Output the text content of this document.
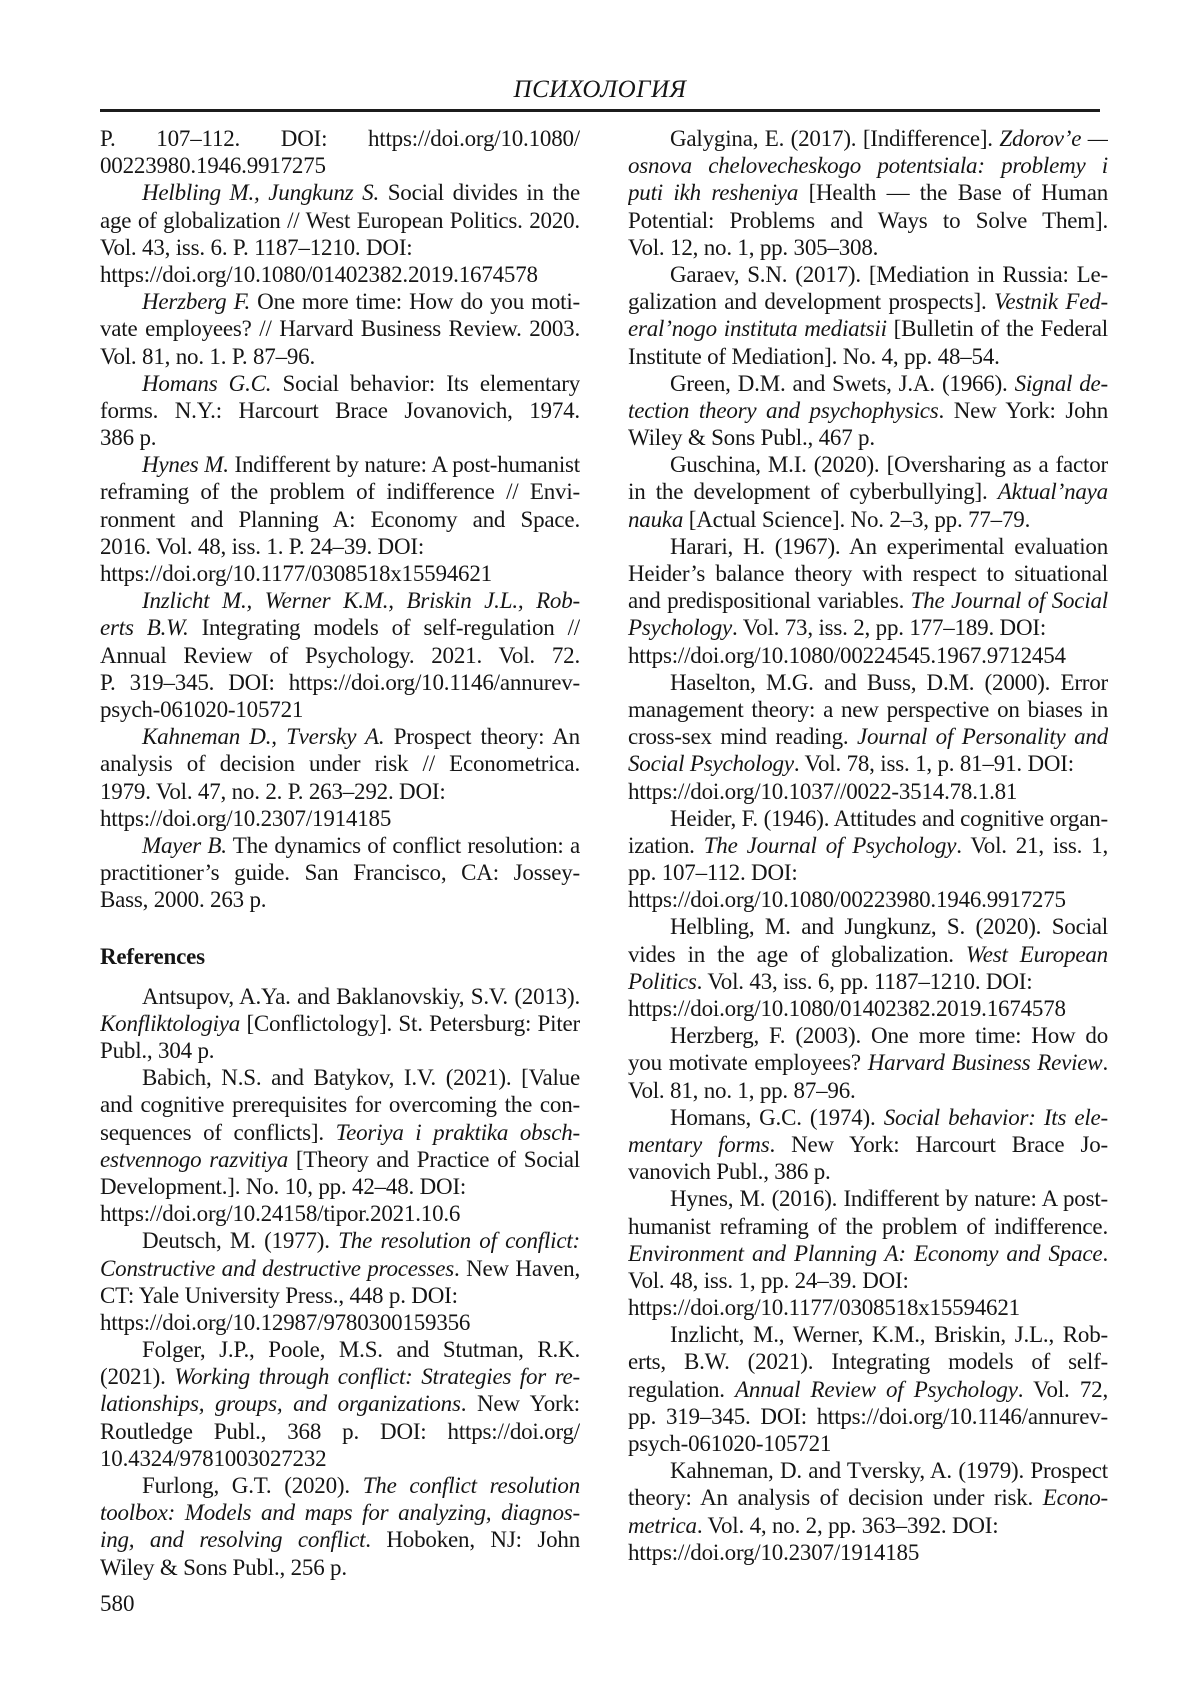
ПСИХОЛОГИЯ
P. 107–112. DOI: https://doi.org/10.1080/
00223980.1946.9917275
Helbling M., Jungkunz S. Social divides in the
age of globalization // West European Politics. 2020.
Vol. 43, iss. 6. P. 1187–1210. DOI:
https://doi.org/10.1080/01402382.2019.1674578
Herzberg F. One more time: How do you moti-
vate employees? // Harvard Business Review. 2003.
Vol. 81, no. 1. P. 87–96.
Homans G.C. Social behavior: Its elementary
forms. N.Y.: Harcourt Brace Jovanovich, 1974.
386 p.
Hynes M. Indifferent by nature: A post-humanist
reframing of the problem of indifference // Envi-
ronment and Planning A: Economy and Space.
2016. Vol. 48, iss. 1. P. 24–39. DOI:
https://doi.org/10.1177/0308518x15594621
Inzlicht M., Werner K.M., Briskin J.L., Rob-
erts B.W. Integrating models of self-regulation //
Annual Review of Psychology. 2021. Vol. 72.
P. 319–345. DOI: https://doi.org/10.1146/annurev-
psych-061020-105721
Kahneman D., Tversky A. Prospect theory: An
analysis of decision under risk // Econometrica.
1979. Vol. 47, no. 2. P. 263–292. DOI:
https://doi.org/10.2307/1914185
Mayer B. The dynamics of conflict resolution: a
practitioner’s guide. San Francisco, CA: Jossey-
Bass, 2000. 263 p.
References
Antsupov, A.Ya. and Baklanovskiy, S.V. (2013).
Konfliktologiya [Conflictology]. St. Petersburg: Piter
Publ., 304 p.
Babich, N.S. and Batykov, I.V. (2021). [Value
and cognitive prerequisites for overcoming the con-
sequences of conflicts]. Teoriya i praktika obsch-
estvennogo razvitiya [Theory and Practice of Social
Development.]. No. 10, pp. 42–48. DOI:
https://doi.org/10.24158/tipor.2021.10.6
Deutsch, M. (1977). The resolution of conflict:
Constructive and destructive processes. New Haven,
CT: Yale University Press., 448 p. DOI:
https://doi.org/10.12987/9780300159356
Folger, J.P., Poole, M.S. and Stutman, R.K.
(2021). Working through conflict: Strategies for re-
lationships, groups, and organizations. New York:
Routledge Publ., 368 p. DOI: https://doi.org/
10.4324/9781003027232
Furlong, G.T. (2020). The conflict resolution
toolbox: Models and maps for analyzing, diagnos-
ing, and resolving conflict. Hoboken, NJ: John
Wiley & Sons Publ., 256 p.
Galygina, E. (2017). [Indifference]. Zdorov’e —
osnova chelovecheskogo potentsiala: problemy i
puti ikh resheniya [Health — the Base of Human
Potential: Problems and Ways to Solve Them].
Vol. 12, no. 1, pp. 305–308.
Garaev, S.N. (2017). [Mediation in Russia: Le-
galization and development prospects]. Vestnik Fed-
eral’nogo instituta mediatsii [Bulletin of the Federal
Institute of Mediation]. No. 4, pp. 48–54.
Green, D.M. and Swets, J.A. (1966). Signal de-
tection theory and psychophysics. New York: John
Wiley & Sons Publ., 467 p.
Guschina, M.I. (2020). [Oversharing as a factor
in the development of cyberbullying]. Aktual’naya
nauka [Actual Science]. No. 2–3, pp. 77–79.
Harari, H. (1967). An experimental evaluation
Heider’s balance theory with respect to situational
and predispositional variables. The Journal of Social
Psychology. Vol. 73, iss. 2, pp. 177–189. DOI:
https://doi.org/10.1080/00224545.1967.9712454
Haselton, M.G. and Buss, D.M. (2000). Error
management theory: a new perspective on biases in
cross-sex mind reading. Journal of Personality and
Social Psychology. Vol. 78, iss. 1, p. 81–91. DOI:
https://doi.org/10.1037//0022-3514.78.1.81
Heider, F. (1946). Attitudes and cognitive organ-
ization. The Journal of Psychology. Vol. 21, iss. 1,
pp. 107–112. DOI:
https://doi.org/10.1080/00223980.1946.9917275
Helbling, M. and Jungkunz, S. (2020). Social
vides in the age of globalization. West European
Politics. Vol. 43, iss. 6, pp. 1187–1210. DOI:
https://doi.org/10.1080/01402382.2019.1674578
Herzberg, F. (2003). One more time: How do
you motivate employees? Harvard Business Review.
Vol. 81, no. 1, pp. 87–96.
Homans, G.C. (1974). Social behavior: Its ele-
mentary forms. New York: Harcourt Brace Jo-
vanovich Publ., 386 p.
Hynes, M. (2016). Indifferent by nature: A post-
humanist reframing of the problem of indifference.
Environment and Planning A: Economy and Space.
Vol. 48, iss. 1, pp. 24–39. DOI:
https://doi.org/10.1177/0308518x15594621
Inzlicht, M., Werner, K.M., Briskin, J.L., Rob-
erts, B.W. (2021). Integrating models of self-
regulation. Annual Review of Psychology. Vol. 72,
pp. 319–345. DOI: https://doi.org/10.1146/annurev-
psych-061020-105721
Kahneman, D. and Tversky, A. (1979). Prospect
theory: An analysis of decision under risk. Econo-
metrica. Vol. 4, no. 2, pp. 363–392. DOI:
https://doi.org/10.2307/1914185
580
